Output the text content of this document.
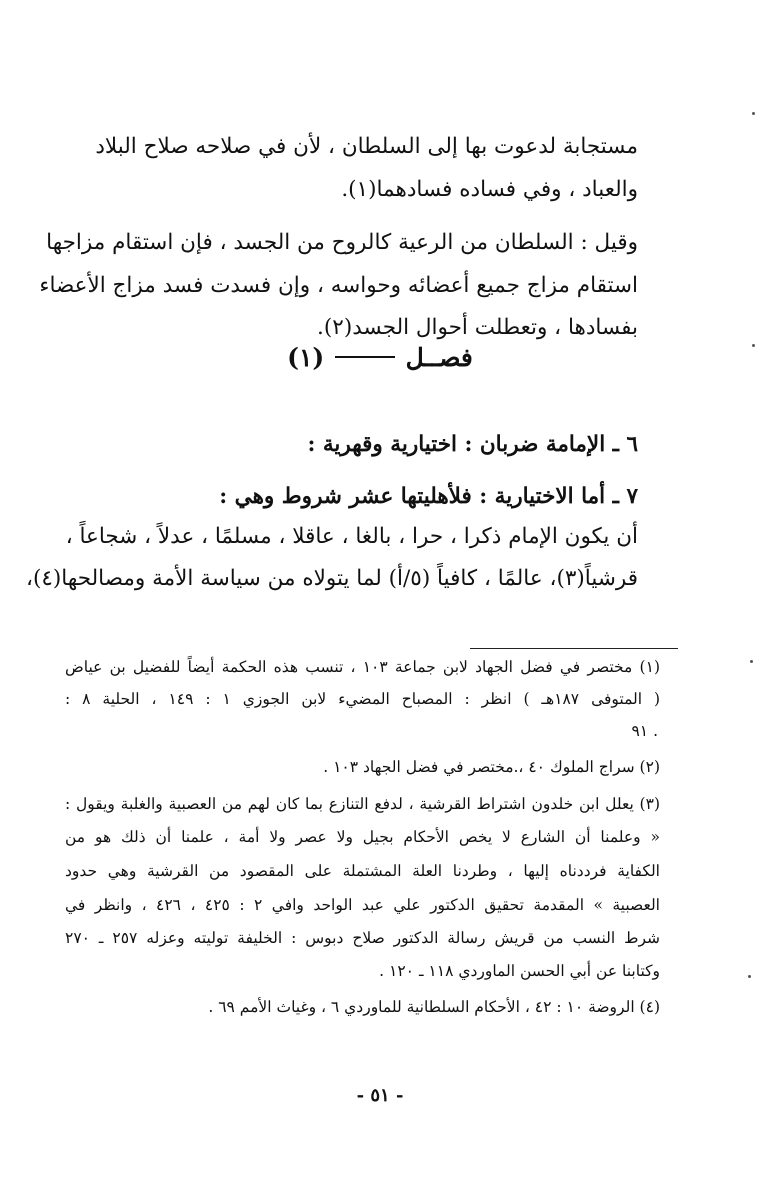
مستجابة لدعوت بها إلى السلطان ، لأن في صلاحه صلاح البلاد
والعباد ، وفي فساده فسادهما(١).
وقيل : السلطان من الرعية كالروح من الجسد ، فإن استقام مزاجها
استقام مزاج جميع أعضائه وحواسه ، وإن فسدت فسد مزاج الأعضاء
بفسادها ، وتعطلت أحوال الجسد(٢).
فصــل  (١)
٦ ـ الإمامة ضربان : اختيارية وقهرية :
٧ ـ أما الاختيارية : فلأهليتها عشر شروط وهي :
أن يكون الإمام ذكرا ، حرا ، بالغا ، عاقلا ، مسلمًا ، عدلاً ، شجاعاً ،
قرشياً(٣)، عالمًا ، كافياً (٥/أ) لما يتولاه من سياسة الأمة ومصالحها(٤)،
(١) مختصر في فضل الجهاد لابن جماعة ١٠٣ ، تنسب هذه الحكمة أيضاً للفضيل بن عياض
( المتوفى ١٨٧هـ ) انظر : المصباح المضيء لابن الجوزي ١ : ١٤٩ ، الحلية ٨ :
٩١ .
(٢) سراج الملوك ٤٠ ،.مختصر في فضل الجهاد ١٠٣ .
(٣) يعلل ابن خلدون اشتراط القرشية ، لدفع التنازع بما كان لهم من العصبية والغلبة ويقول :
« وعلمنا أن الشارع لا يخص الأحكام بجيل ولا عصر ولا أمة ، علمنا أن ذلك هو من
الكفاية فرددناه إليها ، وطردنا العلة المشتملة على المقصود من القرشية وهي حدود
العصبية » المقدمة تحقيق الدكتور علي عبد الواحد وافي ٢ : ٤٢٥ ، ٤٢٦ ، وانظر في
شرط النسب من قريش رسالة الدكتور صلاح دبوس : الخليفة توليته وعزله ٢٥٧ ـ ٢٧٠
وكتابنا عن أبي الحسن الماوردي ١١٨ ـ ١٢٠ .
(٤) الروضة ١٠ : ٤٢ ، الأحكام السلطانية للماوردي ٦ ، وغياث الأمم ٦٩ .
- ٥١ -
